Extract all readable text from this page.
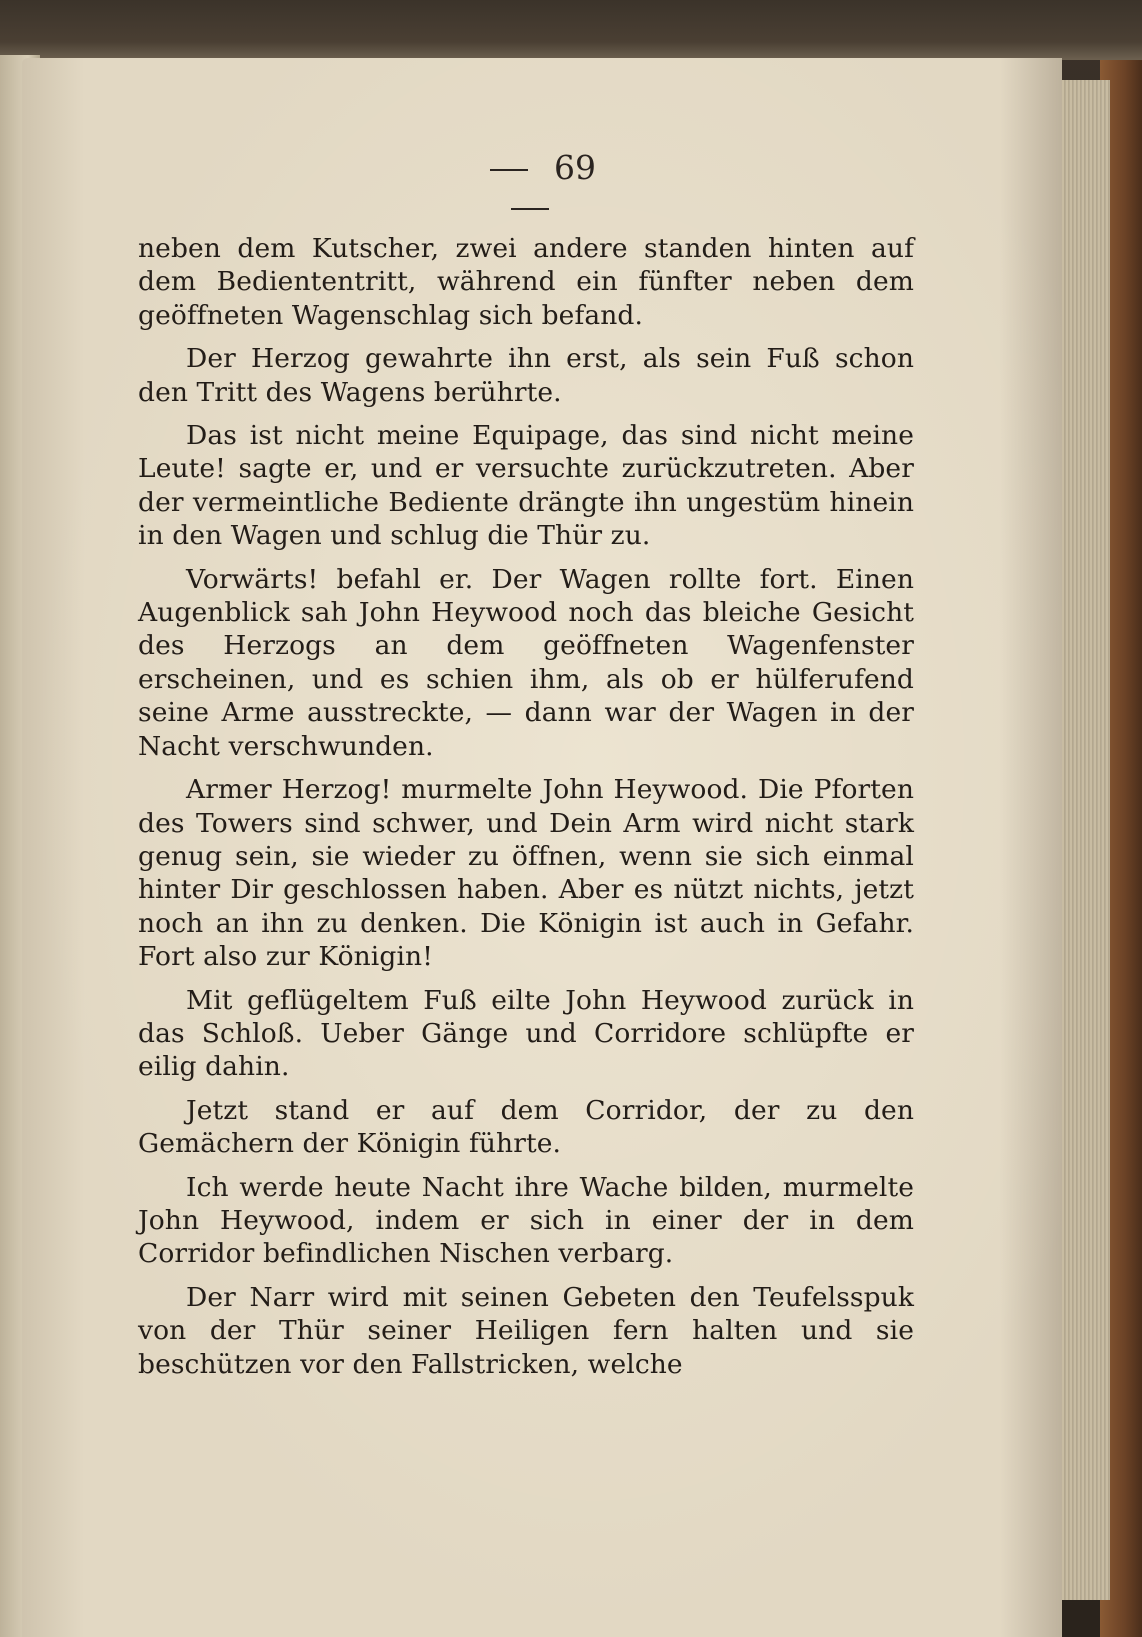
69

neben dem Kutscher, zwei andere standen hinten auf dem Bediententritt, während ein fünfter neben dem geöffneten Wagenschlag sich befand.

Der Herzog gewahrte ihn erst, als sein Fuß schon den Tritt des Wagens berührte.

Das ist nicht meine Equipage, das sind nicht meine Leute! sagte er, und er versuchte zurückzutreten. Aber der vermeintliche Bediente drängte ihn ungestüm hinein in den Wagen und schlug die Thür zu.

Vorwärts! befahl er. Der Wagen rollte fort. Einen Augenblick sah John Heywood noch das bleiche Gesicht des Herzogs an dem geöffneten Wagenfenster erscheinen, und es schien ihm, als ob er hülferufend seine Arme ausstreckte, — dann war der Wagen in der Nacht verschwunden.

Armer Herzog! murmelte John Heywood. Die Pforten des Towers sind schwer, und Dein Arm wird nicht stark genug sein, sie wieder zu öffnen, wenn sie sich einmal hinter Dir geschlossen haben. Aber es nützt nichts, jetzt noch an ihn zu denken. Die Königin ist auch in Gefahr. Fort also zur Königin!

Mit geflügeltem Fuß eilte John Heywood zurück in das Schloß. Ueber Gänge und Corridore schlüpfte er eilig dahin.

Jetzt stand er auf dem Corridor, der zu den Gemächern der Königin führte.

Ich werde heute Nacht ihre Wache bilden, murmelte John Heywood, indem er sich in einer der in dem Corridor befindlichen Nischen verbarg.

Der Narr wird mit seinen Gebeten den Teufelsspuk von der Thür seiner Heiligen fern halten und sie beschützen vor den Fallstricken, welche
